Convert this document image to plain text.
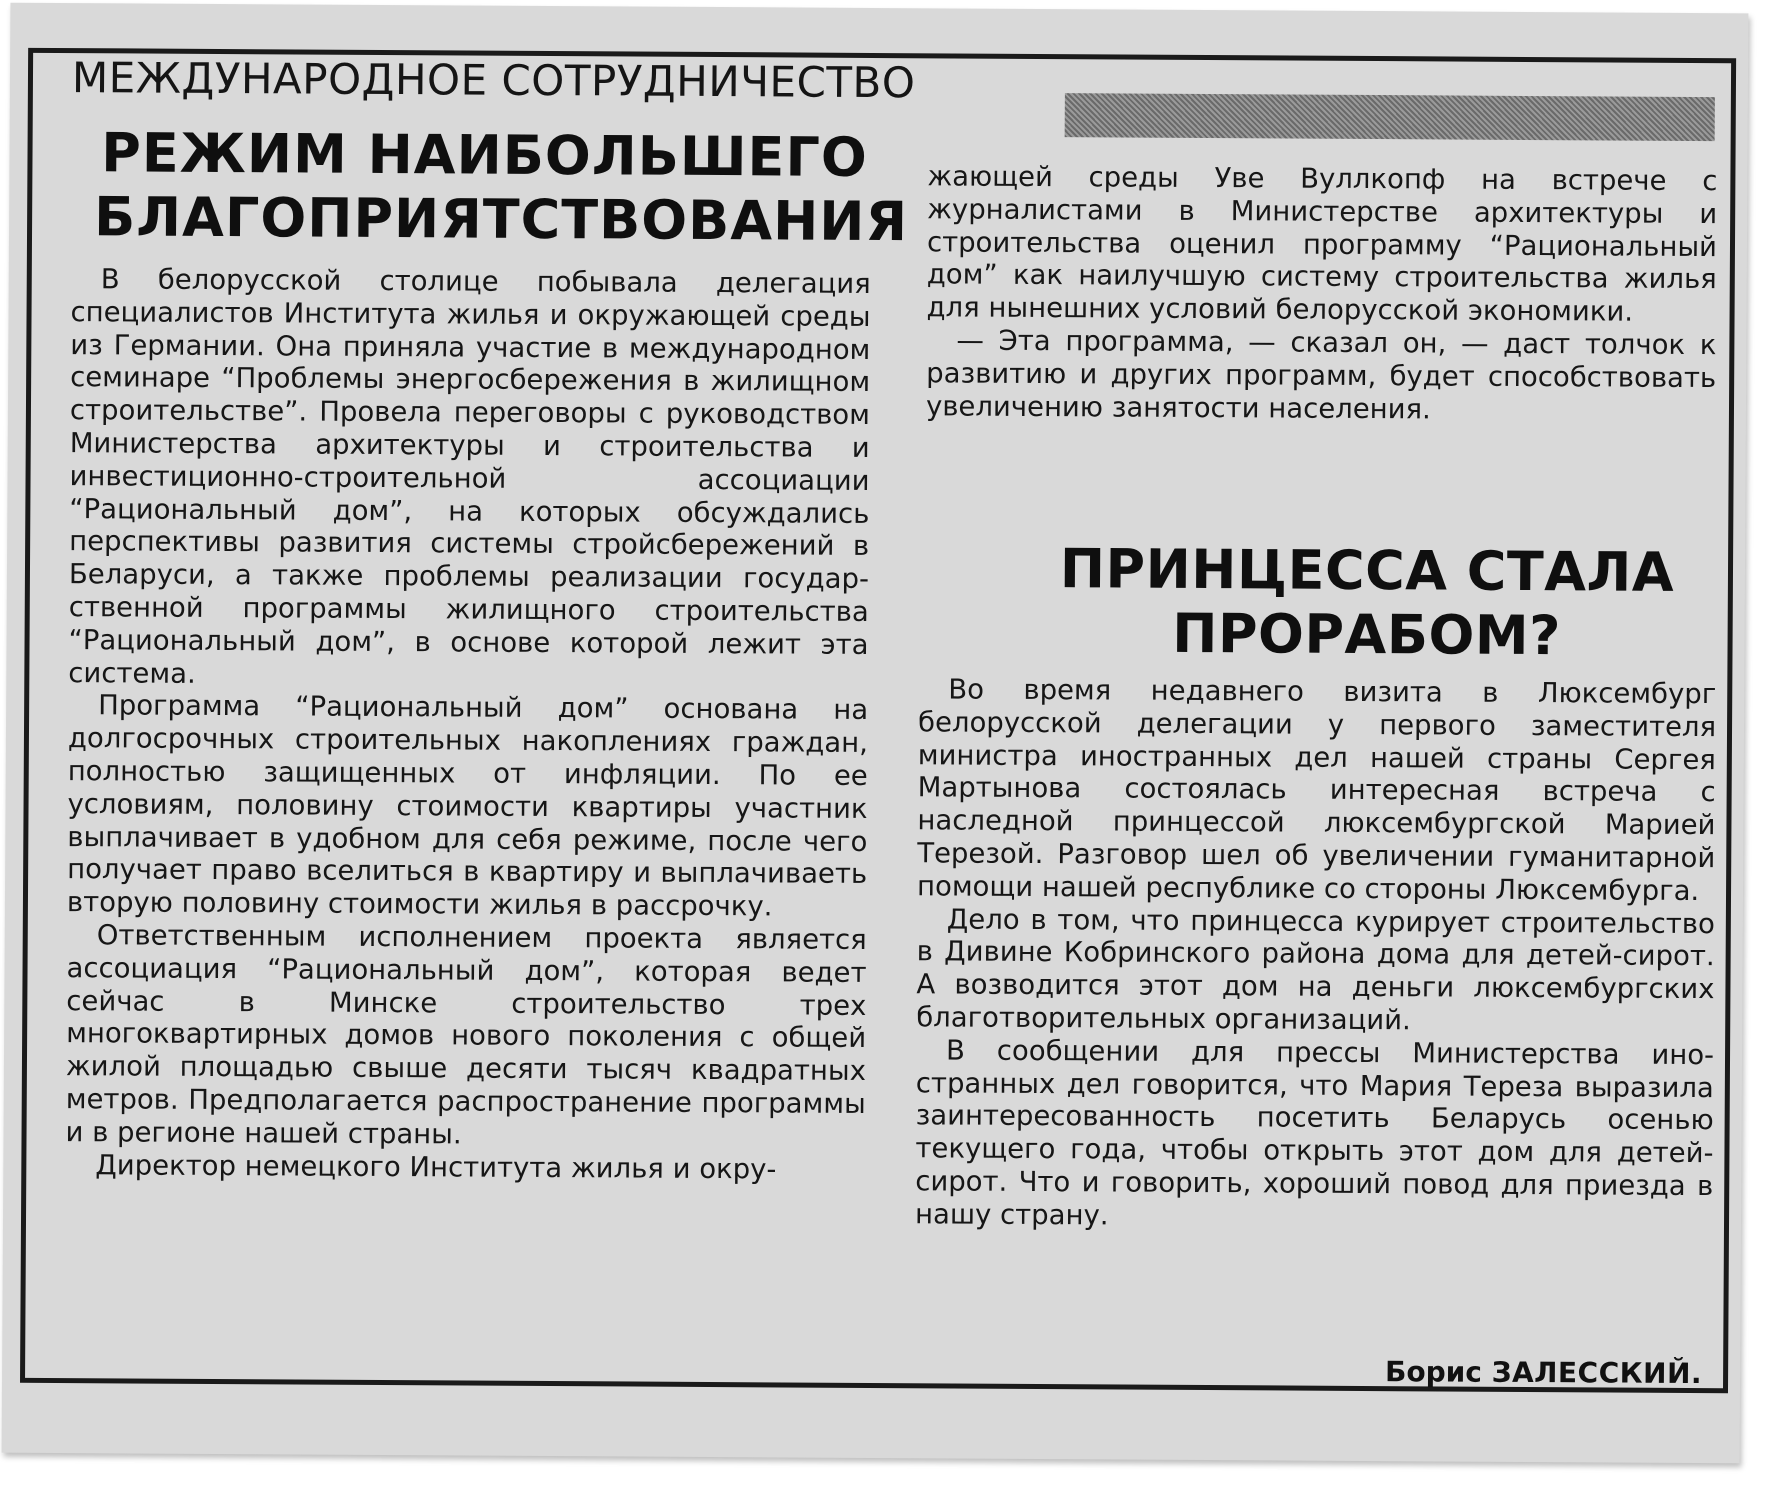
МЕЖДУНАРОДНОЕ СОТРУДНИЧЕСТВО
РЕЖИМ НАИБОЛЬШЕГО
БЛАГОПРИЯТСТВОВАНИЯ

В белорусской столице побывала делегация специалистов Института жилья и окружающей среды из Германии. Она приняла участие в международном семинаре “Проблемы энергосбережения в жилищном строительстве”. Провела переговоры с руководством Министерства архитектуры и строительства и инвестиционно-строительной ассоциации “Рациональный дом”, на которых обсуждались перспективы развития системы стройсбережений в Беларуси, а также проблемы реализации государственной программы жилищного строительства “Рациональный дом”, в основе которой лежит эта система.

Программа “Рациональный дом” основана на долгосрочных строительных накоплениях граждан, полностью защищенных от инфляции. По ее условиям, половину стоимости квартиры участник выплачивает в удобном для себя режиме, после чего получает право вселиться в квартиру и выплачиваеть вторую половину стоимости жилья в рассрочку.

Ответственным исполнением проекта является ассоциация “Рациональный дом”, которая ведет сейчас в Минске строительство трех многоквартирных домов нового поколения с общей жилой площадью свыше десяти тысяч квадратных метров. Предполагается распространение программы и в регионе нашей страны.

Директор немецкого Института жилья и окру-

жающей среды Уве Вуллкопф на встрече с журналистами в Министерстве архитектуры и строительства оценил программу “Рациональный дом” как наилучшую систему строительства жилья для нынешних условий белорусской экономики.

— Эта программа, — сказал он, — даст толчок к развитию и других программ, будет способствовать увеличению занятости населения.

ПРИНЦЕССА СТАЛА
ПРОРАБОМ?

Во время недавнего визита в Люксембург белорусской делегации у первого заместителя министра иностранных дел нашей страны Сергея Мартынова состоялась интересная встреча с наследной принцессой люксембургской Марией Терезой. Разговор шел об увеличении гуманитарной помощи нашей республике со стороны Люксембурга.

Дело в том, что принцесса курирует строительство в Дивине Кобринского района дома для детей-сирот. А возводится этот дом на деньги люксембургских благотворительных организаций.

В сообщении для прессы Министерства иностранных дел говорится, что Мария Тереза выразила заинтересованность посетить Беларусь осенью текущего года, чтобы открыть этот дом для детей-сирот. Что и говорить, хороший повод для приезда в нашу страну.

Борис ЗАЛЕССКИЙ.
